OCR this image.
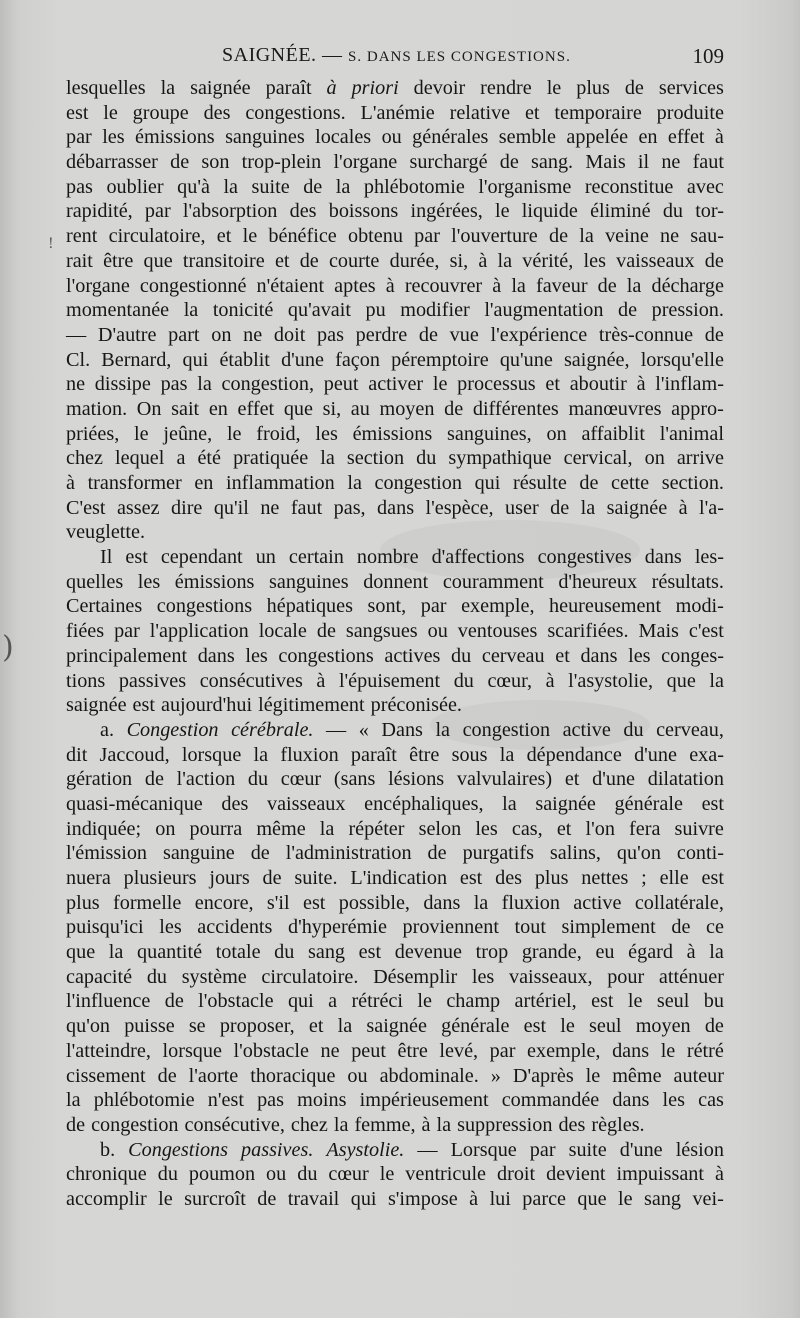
!
)
SAIGNÉE. — S. DANS LES CONGESTIONS.	109
lesquelles la saignée paraît à priori devoir rendre le plus de services
est le groupe des congestions. L'anémie relative et temporaire produite
par les émissions sanguines locales ou générales semble appelée en effet à
débarrasser de son trop-plein l'organe surchargé de sang. Mais il ne faut
pas oublier qu'à la suite de la phlébotomie l'organisme reconstitue avec
rapidité, par l'absorption des boissons ingérées, le liquide éliminé du tor-
rent circulatoire, et le bénéfice obtenu par l'ouverture de la veine ne sau-
rait être que transitoire et de courte durée, si, à la vérité, les vaisseaux de
l'organe congestionné n'étaient aptes à recouvrer à la faveur de la décharge
momentanée la tonicité qu'avait pu modifier l'augmentation de pression.
— D'autre part on ne doit pas perdre de vue l'expérience très-connue de
Cl. Bernard, qui établit d'une façon péremptoire qu'une saignée, lorsqu'elle
ne dissipe pas la congestion, peut activer le processus et aboutir à l'inflam-
mation. On sait en effet que si, au moyen de différentes manœuvres appro-
priées, le jeûne, le froid, les émissions sanguines, on affaiblit l'animal
chez lequel a été pratiquée la section du sympathique cervical, on arrive
à transformer en inflammation la congestion qui résulte de cette section.
C'est assez dire qu'il ne faut pas, dans l'espèce, user de la saignée à l'a-
veuglette.
Il est cependant un certain nombre d'affections congestives dans les-
quelles les émissions sanguines donnent couramment d'heureux résultats.
Certaines congestions hépatiques sont, par exemple, heureusement modi-
fiées par l'application locale de sangsues ou ventouses scarifiées. Mais c'est
principalement dans les congestions actives du cerveau et dans les conges-
tions passives consécutives à l'épuisement du cœur, à l'asystolie, que la
saignée est aujourd'hui légitimement préconisée.
a. Congestion cérébrale. — « Dans la congestion active du cerveau,
dit Jaccoud, lorsque la fluxion paraît être sous la dépendance d'une exa-
gération de l'action du cœur (sans lésions valvulaires) et d'une dilatation
quasi-mécanique des vaisseaux encéphaliques, la saignée générale est
indiquée; on pourra même la répéter selon les cas, et l'on fera suivre
l'émission sanguine de l'administration de purgatifs salins, qu'on conti-
nuera plusieurs jours de suite. L'indication est des plus nettes ; elle est
plus formelle encore, s'il est possible, dans la fluxion active collatérale,
puisqu'ici les accidents d'hyperémie proviennent tout simplement de ce
que la quantité totale du sang est devenue trop grande, eu égard à la
capacité du système circulatoire. Désemplir les vaisseaux, pour atténuer
l'influence de l'obstacle qui a rétréci le champ artériel, est le seul bu
qu'on puisse se proposer, et la saignée générale est le seul moyen de
l'atteindre, lorsque l'obstacle ne peut être levé, par exemple, dans le rétré
cissement de l'aorte thoracique ou abdominale. » D'après le même auteur
la phlébotomie n'est pas moins impérieusement commandée dans les cas
de congestion consécutive, chez la femme, à la suppression des règles.
b. Congestions passives. Asystolie. — Lorsque par suite d'une lésion
chronique du poumon ou du cœur le ventricule droit devient impuissant à
accomplir le surcroît de travail qui s'impose à lui parce que le sang vei-
